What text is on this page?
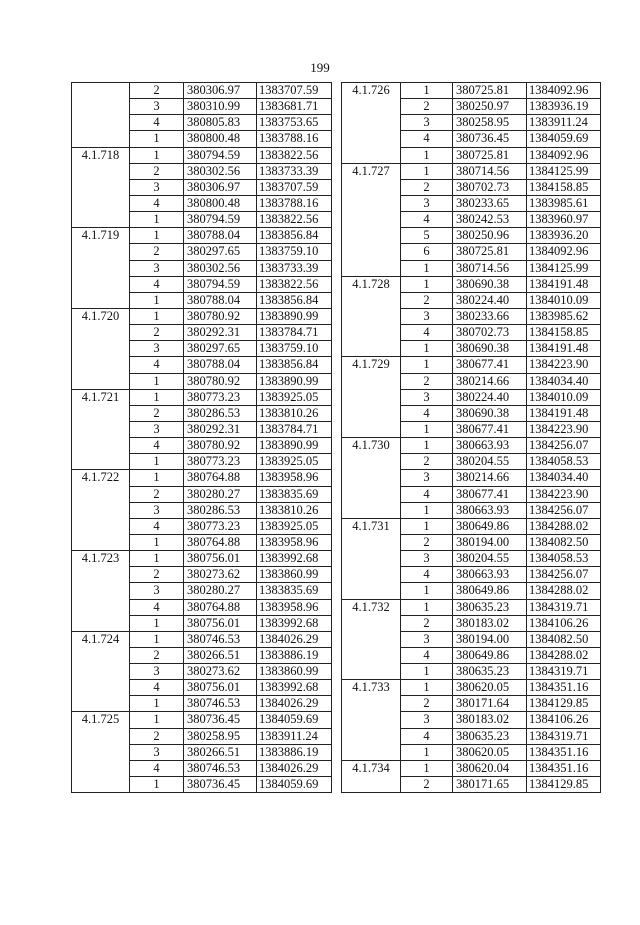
199
	2	380306.97	1383707.59
	3	380310.99	1383681.71
	4	380805.83	1383753.65
	1	380800.48	1383788.16
4.1.718	1	380794.59	1383822.56
	2	380302.56	1383733.39
	3	380306.97	1383707.59
	4	380800.48	1383788.16
	1	380794.59	1383822.56
4.1.719	1	380788.04	1383856.84
	2	380297.65	1383759.10
	3	380302.56	1383733.39
	4	380794.59	1383822.56
	1	380788.04	1383856.84
4.1.720	1	380780.92	1383890.99
	2	380292.31	1383784.71
	3	380297.65	1383759.10
	4	380788.04	1383856.84
	1	380780.92	1383890.99
4.1.721	1	380773.23	1383925.05
	2	380286.53	1383810.26
	3	380292.31	1383784.71
	4	380780.92	1383890.99
	1	380773.23	1383925.05
4.1.722	1	380764.88	1383958.96
	2	380280.27	1383835.69
	3	380286.53	1383810.26
	4	380773.23	1383925.05
	1	380764.88	1383958.96
4.1.723	1	380756.01	1383992.68
	2	380273.62	1383860.99
	3	380280.27	1383835.69
	4	380764.88	1383958.96
	1	380756.01	1383992.68
4.1.724	1	380746.53	1384026.29
	2	380266.51	1383886.19
	3	380273.62	1383860.99
	4	380756.01	1383992.68
	1	380746.53	1384026.29
4.1.725	1	380736.45	1384059.69
	2	380258.95	1383911.24
	3	380266.51	1383886.19
	4	380746.53	1384026.29
	1	380736.45	1384059.69
4.1.726	1	380725.81	1384092.96
	2	380250.97	1383936.19
	3	380258.95	1383911.24
	4	380736.45	1384059.69
	1	380725.81	1384092.96
4.1.727	1	380714.56	1384125.99
	2	380702.73	1384158.85
	3	380233.65	1383985.61
	4	380242.53	1383960.97
	5	380250.96	1383936.20
	6	380725.81	1384092.96
	1	380714.56	1384125.99
4.1.728	1	380690.38	1384191.48
	2	380224.40	1384010.09
	3	380233.66	1383985.62
	4	380702.73	1384158.85
	1	380690.38	1384191.48
4.1.729	1	380677.41	1384223.90
	2	380214.66	1384034.40
	3	380224.40	1384010.09
	4	380690.38	1384191.48
	1	380677.41	1384223.90
4.1.730	1	380663.93	1384256.07
	2	380204.55	1384058.53
	3	380214.66	1384034.40
	4	380677.41	1384223.90
	1	380663.93	1384256.07
4.1.731	1	380649.86	1384288.02
	2	380194.00	1384082.50
	3	380204.55	1384058.53
	4	380663.93	1384256.07
	1	380649.86	1384288.02
4.1.732	1	380635.23	1384319.71
	2	380183.02	1384106.26
	3	380194.00	1384082.50
	4	380649.86	1384288.02
	1	380635.23	1384319.71
4.1.733	1	380620.05	1384351.16
	2	380171.64	1384129.85
	3	380183.02	1384106.26
	4	380635.23	1384319.71
	1	380620.05	1384351.16
4.1.734	1	380620.04	1384351.16
	2	380171.65	1384129.85
